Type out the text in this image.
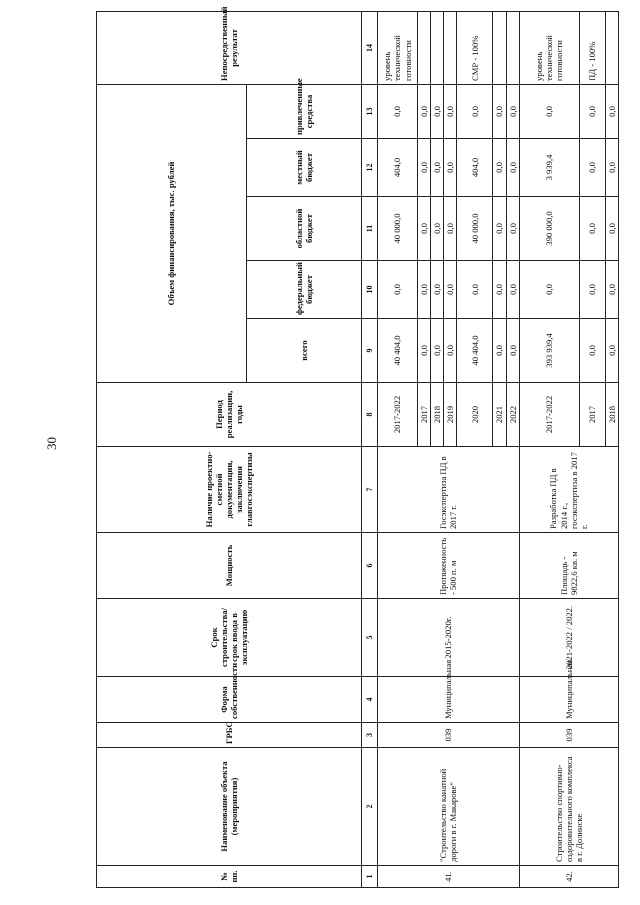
30
№ пп.	Наименование объекта (мероприятия)	ГРБС	Форма собственности	Срок строительства/срок ввода в эксплуатацию	Мощность	Наличие проектно-сметной документации, заключения главгосэкспертизы	Период реализации, годы	Объем финансирования, тыс. рублей					Непосредственный результат
								всего	федеральный бюджет	областной бюджет	местный бюджет	привлеченные средства	
1	2	3	4	5	6	7	8	9	10	11	12	13	14
41.	"Строительство канатной дороги в г. Макарове"	039	Муниципальная	2015-2020г.	Протяженность - 500 п. м	Госэкспертиза ПД в 2017 г.	2017-2022	40 404,0	0,0	40 000,0	404,0	0,0	уровень технической готовности
							2017	0,0	0,0	0,0	0,0	0,0	
							2018	0,0	0,0	0,0	0,0	0,0	
							2019	0,0	0,0	0,0	0,0	0,0	
							2020	40 404,0	0,0	40 000,0	404,0	0,0	СМР - 100%
							2021	0,0	0,0	0,0	0,0	0,0	
							2022	0,0	0,0	0,0	0,0	0,0	
42.	Строительство спортивно-оздоровительного комплекса в г. Долинске	039	Муниципальная	2021-2022 / 2022.	Площадь - 9822,6 кв. м	Разработка ПД в 2014 г., госэкспертиза в 2017 г.	2017-2022	393 939,4	0,0	390 000,0	3 939,4	0,0	уровень технической готовности
							2017	0,0	0,0	0,0	0,0	0,0	ПД - 100%
							2018	0,0	0,0	0,0	0,0	0,0	
